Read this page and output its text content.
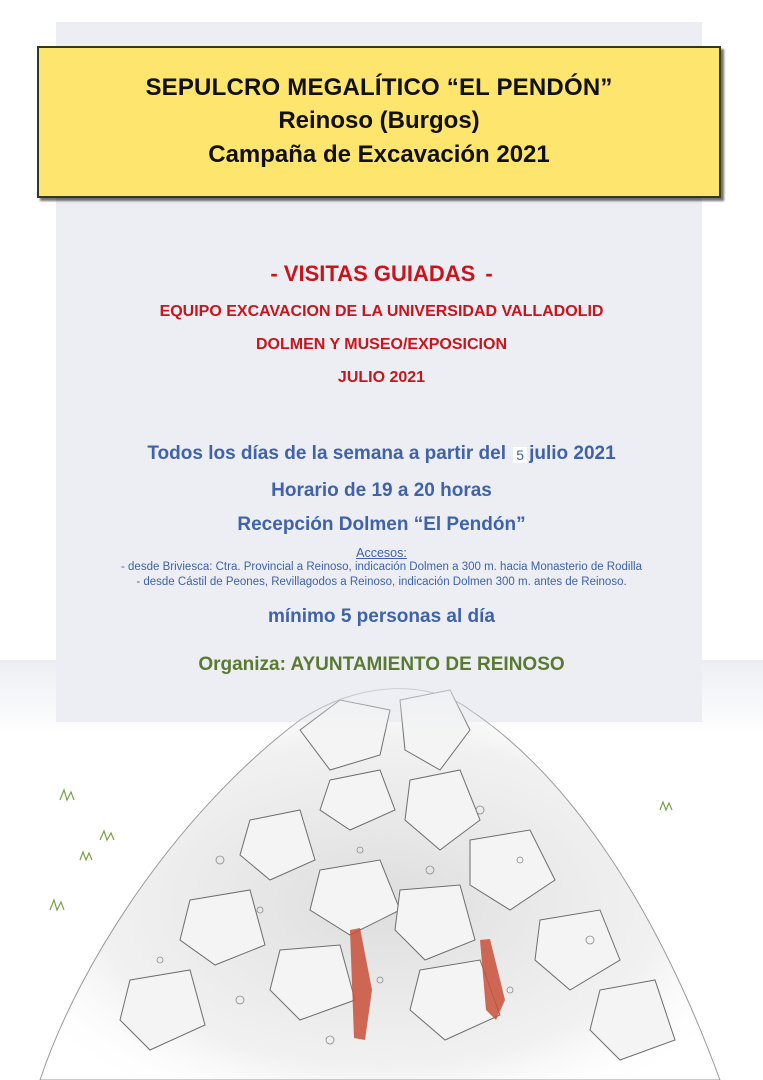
SEPULCRO MEGALÍTICO “EL PENDÓN”
Reinoso (Burgos)
Campaña de Excavación 2021
- VISITAS GUIADAS -
EQUIPO EXCAVACION DE LA UNIVERSIDAD VALLADOLID
DOLMEN Y MUSEO/EXPOSICION
JULIO 2021
Todos los días de la semana a partir del 5 julio 2021
Horario de 19 a 20 horas
Recepción Dolmen “El Pendón”
Accesos:
- desde Briviesca: Ctra. Provincial a Reinoso, indicación Dolmen a 300 m. hacia Monasterio de Rodilla
- desde Cástil de Peones, Revillagodos a Reinoso, indicación Dolmen 300 m. antes de Reinoso.
mínimo 5 personas al día
Organiza: AYUNTAMIENTO DE REINOSO
